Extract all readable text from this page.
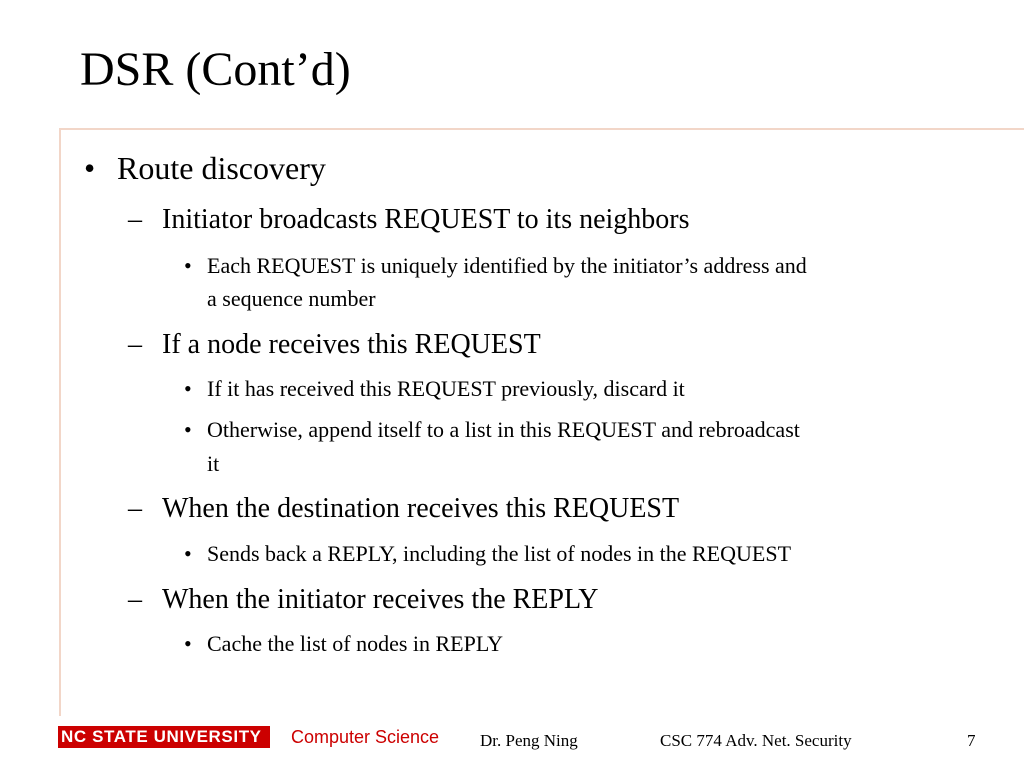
DSR (Cont’d)
• Route discovery
– Initiator broadcasts REQUEST to its neighbors
• Each REQUEST is uniquely identified by the initiator’s address and
a sequence number
– If a node receives this REQUEST
• If it has received this REQUEST previously, discard it
• Otherwise, append itself to a list in this REQUEST and rebroadcast
it
– When the destination receives this REQUEST
• Sends back a REPLY, including the list of nodes in the REQUEST
– When the initiator receives the REPLY
• Cache the list of nodes in REPLY
NC STATE UNIVERSITY	Computer Science Dr. Peng Ning	CSC 774 Adv. Net. Security	7
